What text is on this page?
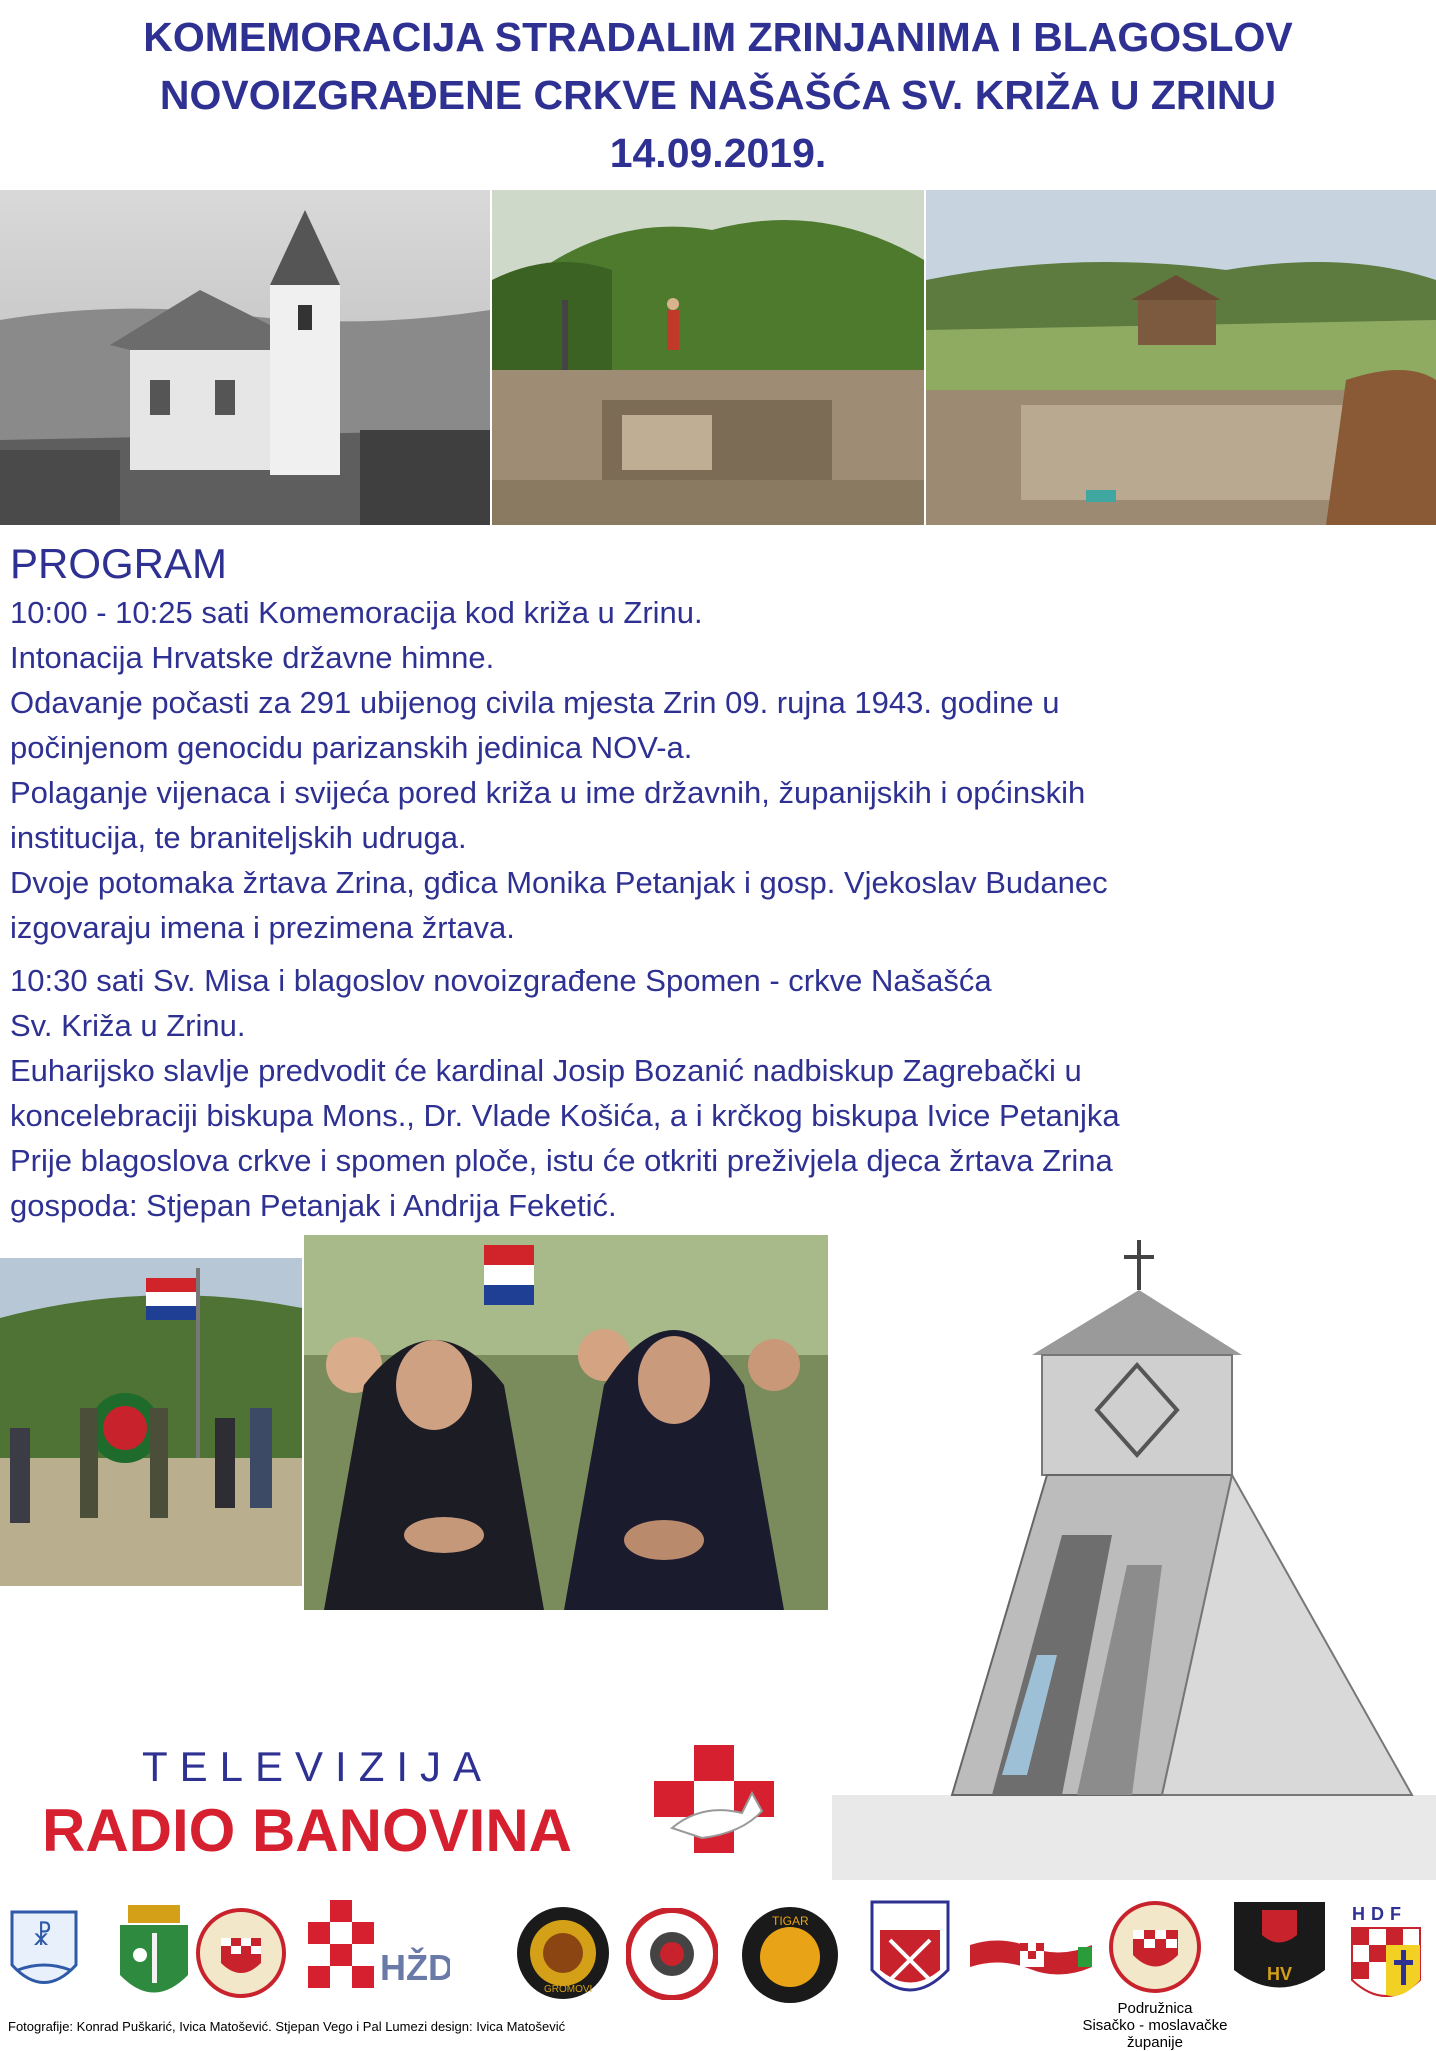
KOMEMORACIJA STRADALIM ZRINJANIMA I BLAGOSLOV
NOVOIZGRAĐENE CRKVE NAŠAŠĆA SV. KRIŽA U ZRINU
14.09.2019.
PROGRAM
10:00 - 10:25 sati Komemoracija kod križa u Zrinu.
Intonacija Hrvatske državne himne.
Odavanje počasti za 291 ubijenog civila mjesta Zrin 09. rujna 1943. godine u
počinjenom genocidu parizanskih jedinica NOV-a.
Polaganje vijenaca i svijeća pored križa u ime državnih, županijskih i općinskih
institucija, te braniteljskih udruga.
Dvoje potomaka žrtava Zrina, gđica Monika Petanjak i gosp. Vjekoslav Budanec
izgovaraju imena i prezimena žrtava.
10:30 sati Sv. Misa i blagoslov novoizgrađene Spomen - crkve Našašća
Sv. Križa u Zrinu.
Euharijsko slavlje predvodit će kardinal Josip Bozanić nadbiskup Zagrebački u
koncelebraciji biskupa Mons., Dr. Vlade Košića, a i krčkog biskupa Ivice Petanjka
Prije blagoslova crkve i spomen ploče, istu će otkriti preživjela djeca žrtava Zrina
gospoda: Stjepan Petanjak i Andrija Feketić.
TELEVIZIJA
RADIO BANOVINA
☧
HŽD
GROMOVI
TIGAR
HV
HDF
Podružnica
Sisačko - moslavačke
županije
Fotografije: Konrad Puškarić, Ivica Matošević. Stjepan Vego i Pal Lumezi design: Ivica Matošević
